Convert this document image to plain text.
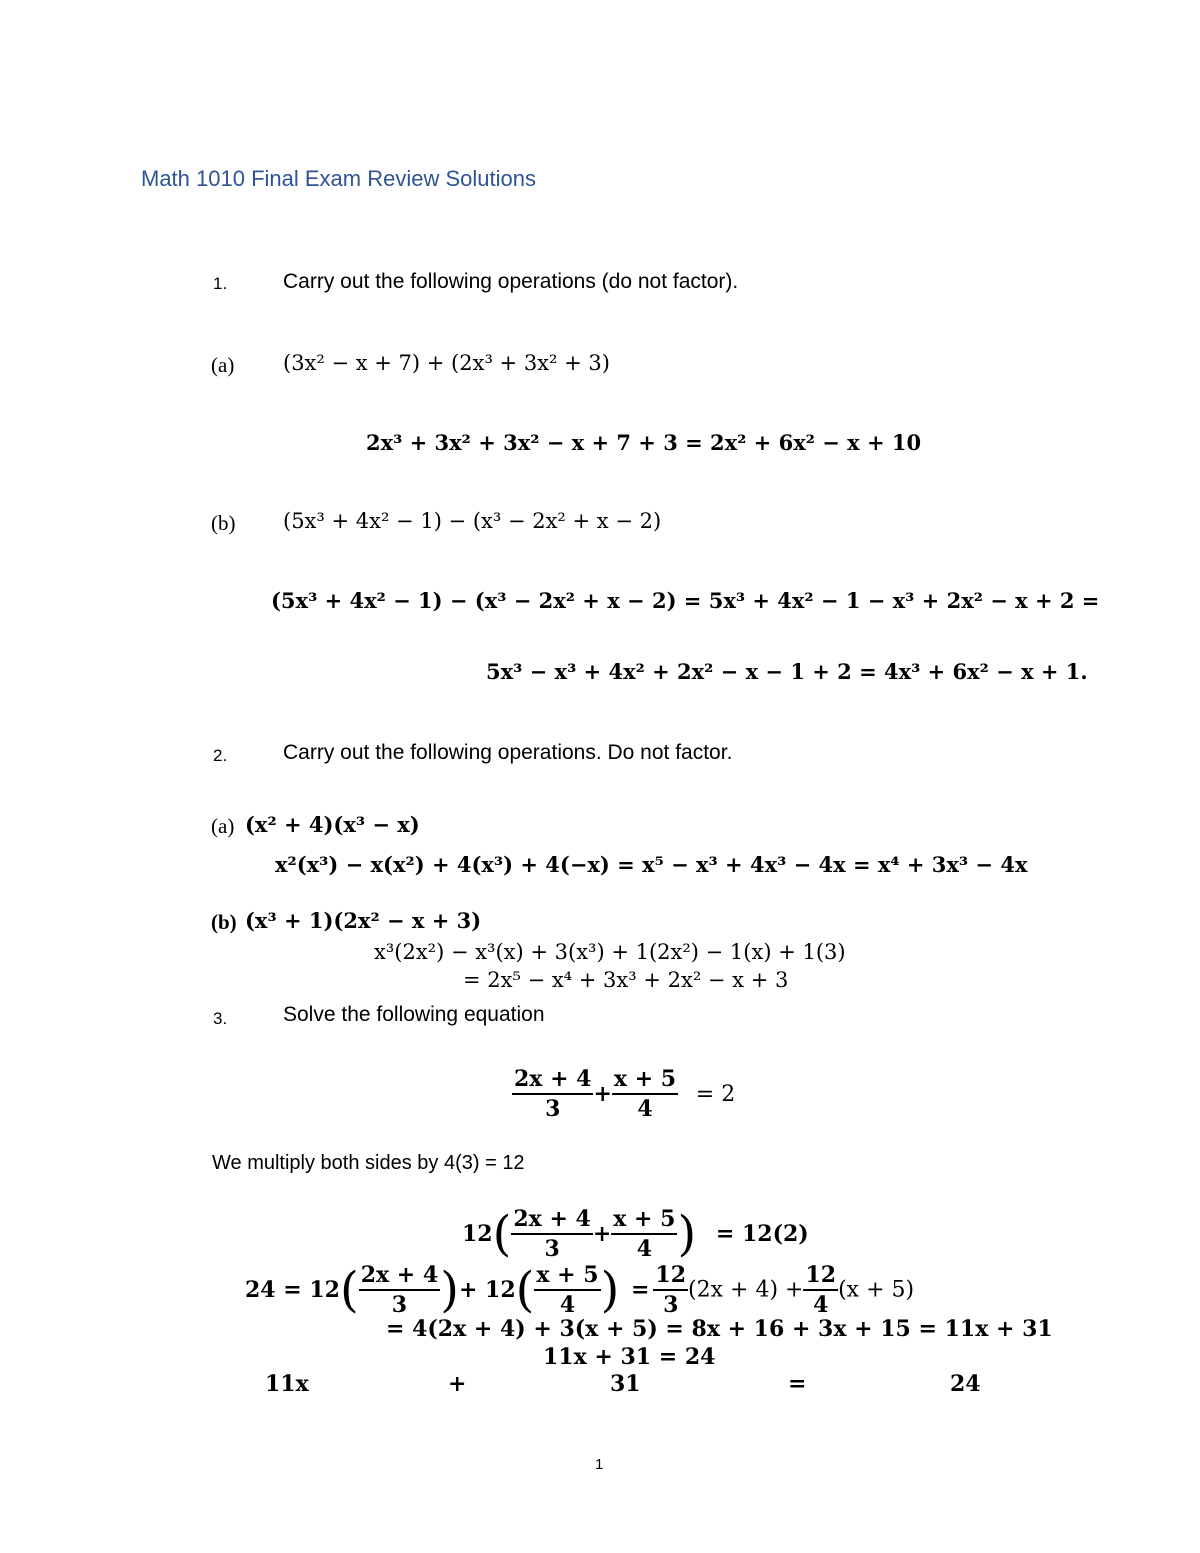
Math 1010 Final Exam Review Solutions
1.	Carry out the following operations (do not factor).
(a) (3x² − x + 7) + (2x³ + 3x² + 3)
2x³ + 3x² + 3x² − x + 7 + 3 = 2x² + 6x² − x + 10
(b) (5x³ + 4x² − 1) − (x³ − 2x² + x − 2)
(5x³ + 4x² − 1) − (x³ − 2x² + x − 2) = 5x³ + 4x² − 1 − x³ + 2x² − x + 2 =
5x³ − x³ + 4x² + 2x² − x − 1 + 2 = 4x³ + 6x² − x + 1.
2.	Carry out the following operations. Do not factor.
(a) (x² + 4)(x³ − x)
x²(x³) − x(x²) + 4(x³) + 4(−x) = x⁵ − x³ + 4x³ − 4x = x⁴ + 3x³ − 4x
(b) (x³ + 1)(2x² − x + 3)
x³(2x²) − x³(x) + 3(x³) + 1(2x²) − 1(x) + 1(3)
= 2x⁵ − x⁴ + 3x³ + 2x² − x + 3
3.	Solve the following equation
$\frac{2x + 4}{3} + \frac{x + 5}{4} = 2$
We multiply both sides by 4(3) = 12
$12( \frac{2x + 4}{3} + \frac{x + 5}{4}$ ) = 12(2)
$24 = 12( \frac{2x + 4}{3}$ )+ $12( \frac{x + 5}{4}$ ) = $\frac{12}{3} (2x + 4) + \frac{12}{4} (x + 5)$
= 4(2x + 4) + 3(x + 5) = 8x + 16 + 3x + 15 = 11x + 31
11x + 31 = 24
11x	+	31	=	24
1
